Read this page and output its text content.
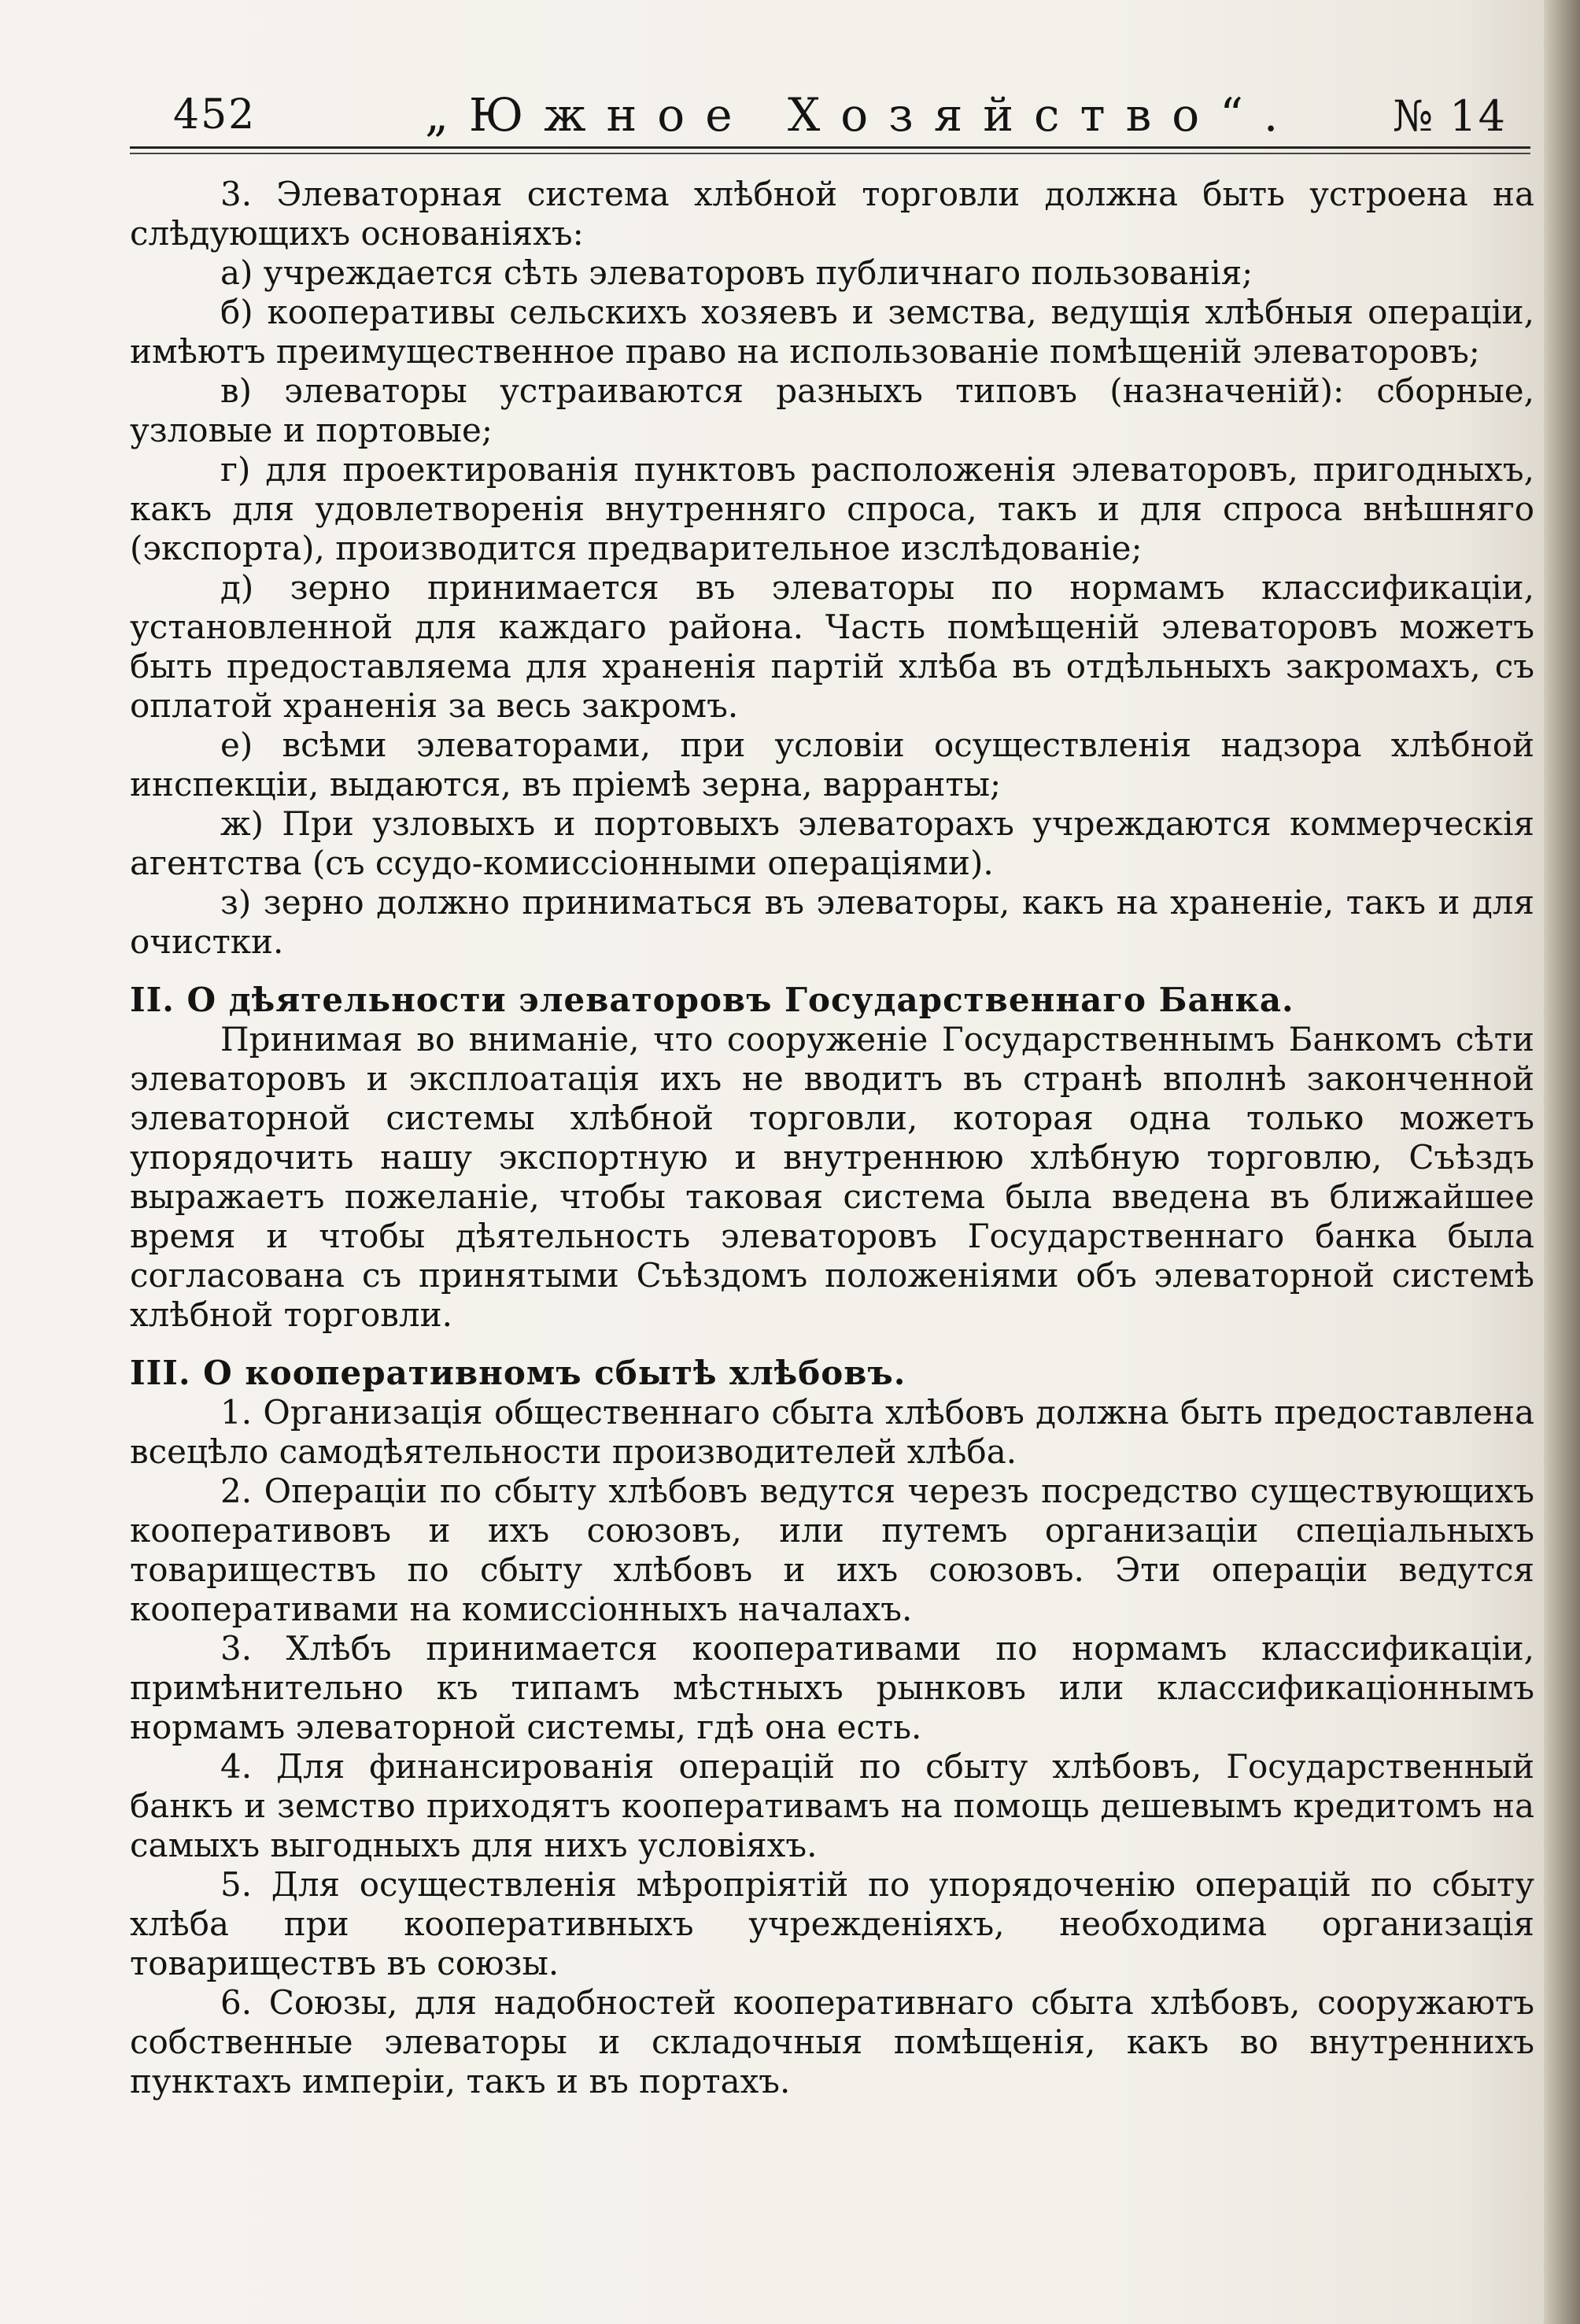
452	„Южное Хозяйство“. № 14

3. Элеваторная система хлѣбной торговли должна быть устроена на слѣдующихъ основаніяхъ:

а) учреждается сѣть элеваторовъ публичнаго пользованія;

б) кооперативы сельскихъ хозяевъ и земства, ведущія хлѣбныя операціи, имѣютъ преимущественное право на использованіе помѣщеній элеваторовъ;

в) элеваторы устраиваются разныхъ типовъ (назначеній): сборные, узловые и портовые;

г) для проектированія пунктовъ расположенія элеваторовъ, пригодныхъ, какъ для удовлетворенія внутренняго спроса, такъ и для спроса внѣшняго (экспорта), производится предварительное изслѣдованіе;

д) зерно принимается въ элеваторы по нормамъ классификаціи, установленной для каждаго района. Часть помѣщеній элеваторовъ можетъ быть предоставляема для храненія партій хлѣба въ отдѣльныхъ закромахъ, съ оплатой храненія за весь закромъ.

е) всѣми элеваторами, при условіи осуществленія надзора хлѣбной инспекціи, выдаются, въ пріемѣ зерна, варранты;

ж) При узловыхъ и портовыхъ элеваторахъ учреждаются коммерческія агентства (съ ссудо-комиссіонными операціями).

з) зерно должно приниматься въ элеваторы, какъ на храненіе, такъ и для очистки.

II. О дѣятельности элеваторовъ Государственнаго Банка.

Принимая во вниманіе, что сооруженіе Государственнымъ Банкомъ сѣти элеваторовъ и эксплоатація ихъ не вводитъ въ странѣ вполнѣ законченной элеваторной системы хлѣбной торговли, которая одна только можетъ упорядочить нашу экспортную и внутреннюю хлѣбную торговлю, Съѣздъ выражаетъ пожеланіе, чтобы таковая система была введена въ ближайшее время и чтобы дѣятельность элеваторовъ Государственнаго банка была согласована съ принятыми Съѣздомъ положеніями объ элеваторной системѣ хлѣбной торговли.

III. О кооперативномъ сбытѣ хлѣбовъ.

1. Организація общественнаго сбыта хлѣбовъ должна быть предоставлена всецѣло самодѣятельности производителей хлѣба.

2. Операціи по сбыту хлѣбовъ ведутся черезъ посредство существующихъ кооперативовъ и ихъ союзовъ, или путемъ организаціи спеціальныхъ товариществъ по сбыту хлѣбовъ и ихъ союзовъ. Эти операціи ведутся кооперативами на комиссіонныхъ началахъ.

3. Хлѣбъ принимается кооперативами по нормамъ классификаціи, примѣнительно къ типамъ мѣстныхъ рынковъ или классификаціоннымъ нормамъ элеваторной системы, гдѣ она есть.

4. Для финансированія операцій по сбыту хлѣбовъ, Государственный банкъ и земство приходятъ кооперативамъ на помощь дешевымъ кредитомъ на самыхъ выгодныхъ для нихъ условіяхъ.

5. Для осуществленія мѣропріятій по упорядоченію операцій по сбыту хлѣба при кооперативныхъ учрежденіяхъ, необходима организація товариществъ въ союзы.

6. Союзы, для надобностей кооперативнаго сбыта хлѣбовъ, сооружаютъ собственные элеваторы и складочныя помѣщенія, какъ во внутреннихъ пунктахъ имперіи, такъ и въ портахъ.
